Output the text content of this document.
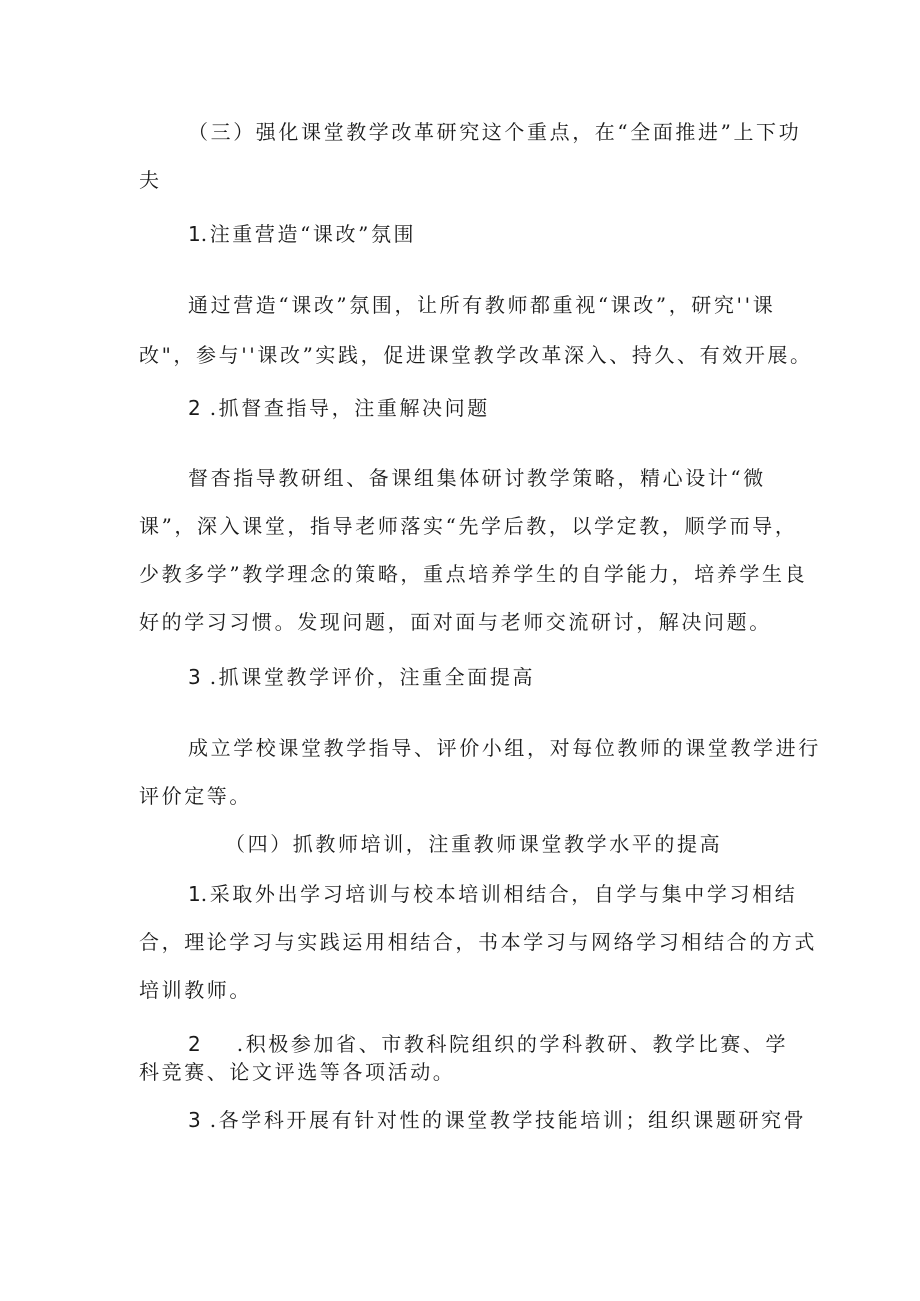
（三）强化课堂教学改革研究这个重点，在“全面推进”上下功
夫
1.注重营造“课改”氛围
通过营造“课改”氛围，让所有教师都重视“课改”，研究''课
改"，参与''课改”实践，促进课堂教学改革深入、持久、有效开展。
2 .抓督查指导，注重解决问题
督杳指导教研组、备课组集体研讨教学策略，精心设计“微
课”，深入课堂，指导老师落实“先学后教，以学定教，顺学而导，
少教多学”教学理念的策略，重点培养学生的自学能力，培养学生良
好的学习习惯。发现问题，面对面与老师交流研讨，解决问题。
3 .抓课堂教学评价，注重全面提高
成立学校课堂教学指导、评价小组，对每位教师的课堂教学进行
评价定等。
（四）抓教师培训，注重教师课堂教学水平的提高
1.采取外出学习培训与校本培训相结合，自学与集中学习相结
合，理论学习与实践运用相结合，书本学习与网络学习相结合的方式
培训教师。
2 .积极参加省、市教科院组织的学科教研、教学比赛、学
科竞赛、论文评选等各项活动。
3 .各学科开展有针对性的课堂教学技能培训；组织课题研究骨
